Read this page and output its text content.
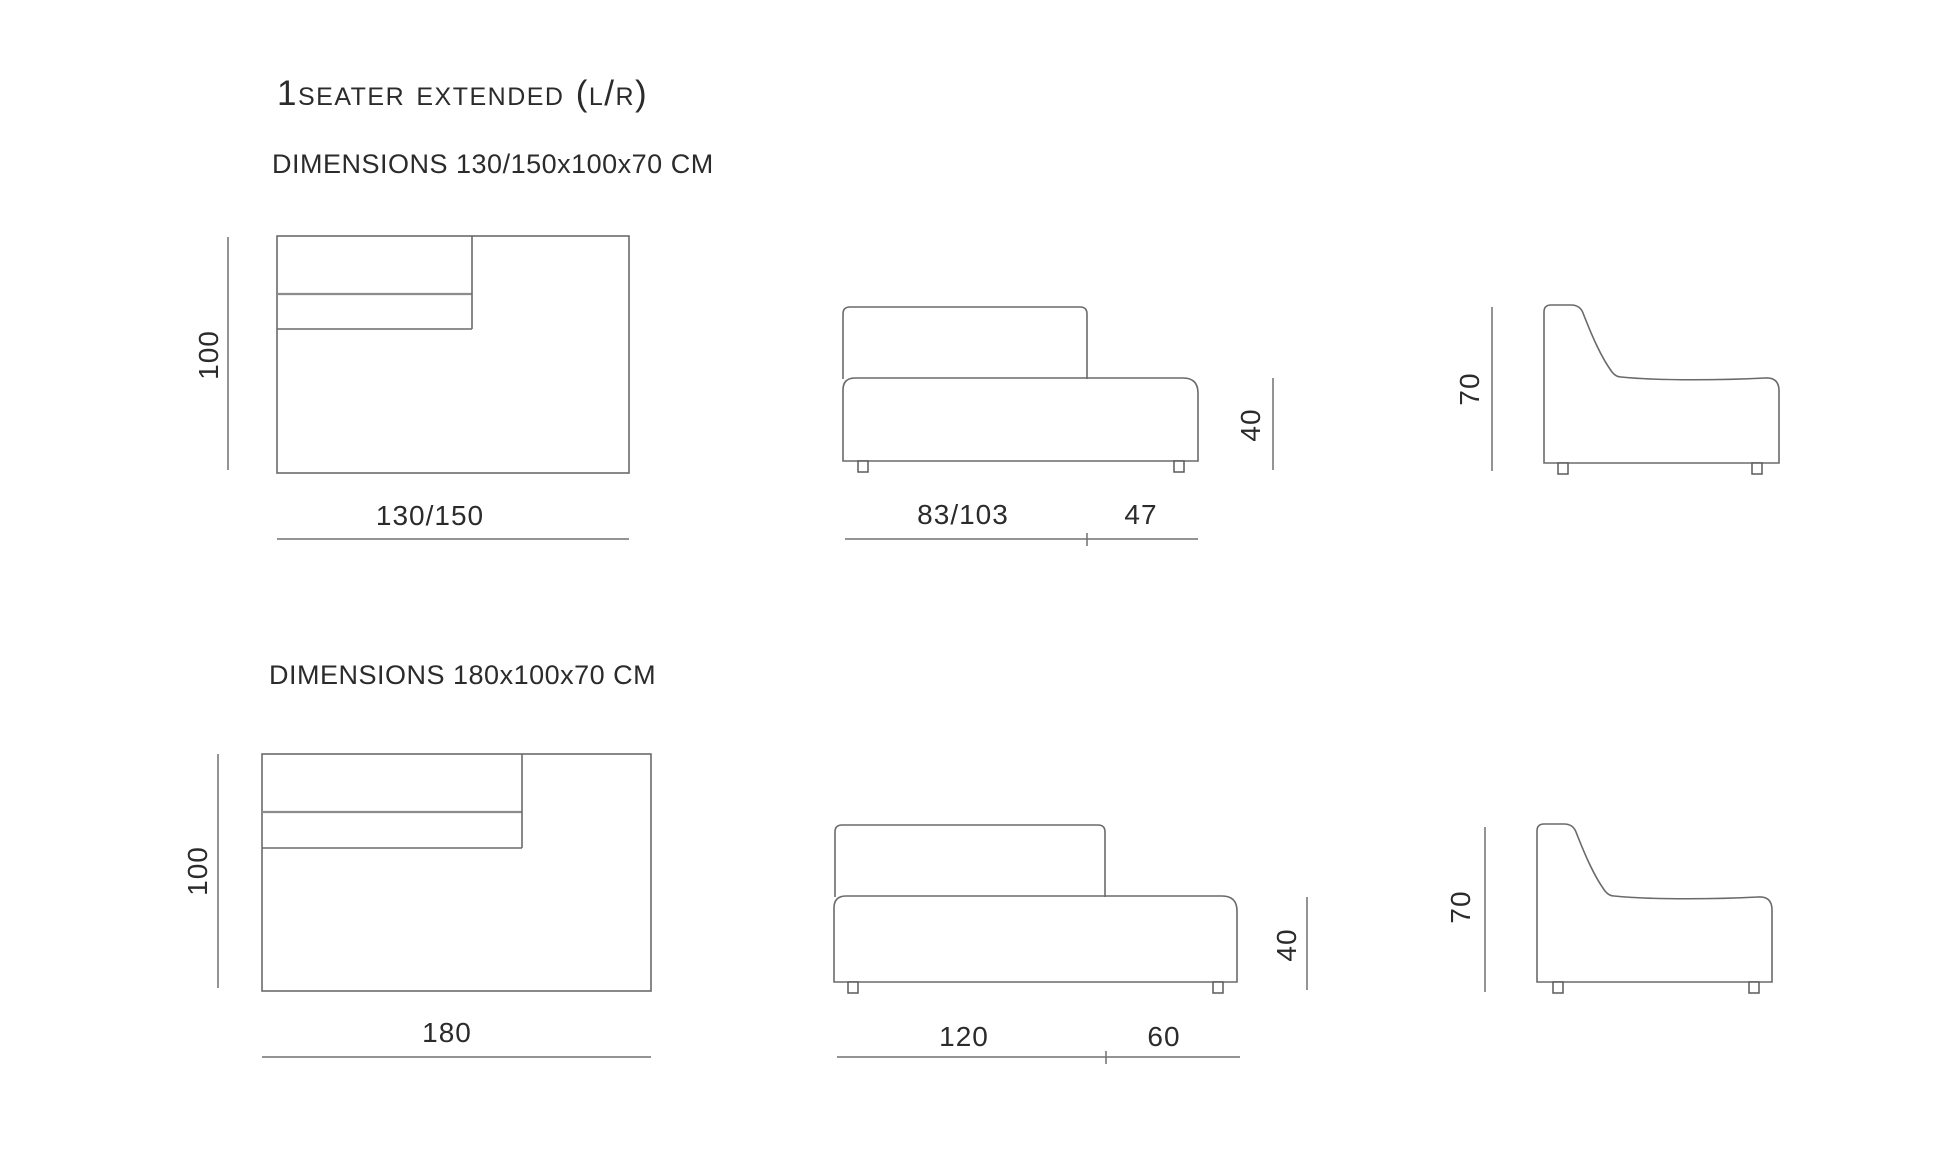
1seater extended (l/r)
DIMENSIONS 130/150x100x70 CM
DIMENSIONS 180x100x70 CM
100
130/150	83/103	47
40
70
100
180	120	60
40
70
